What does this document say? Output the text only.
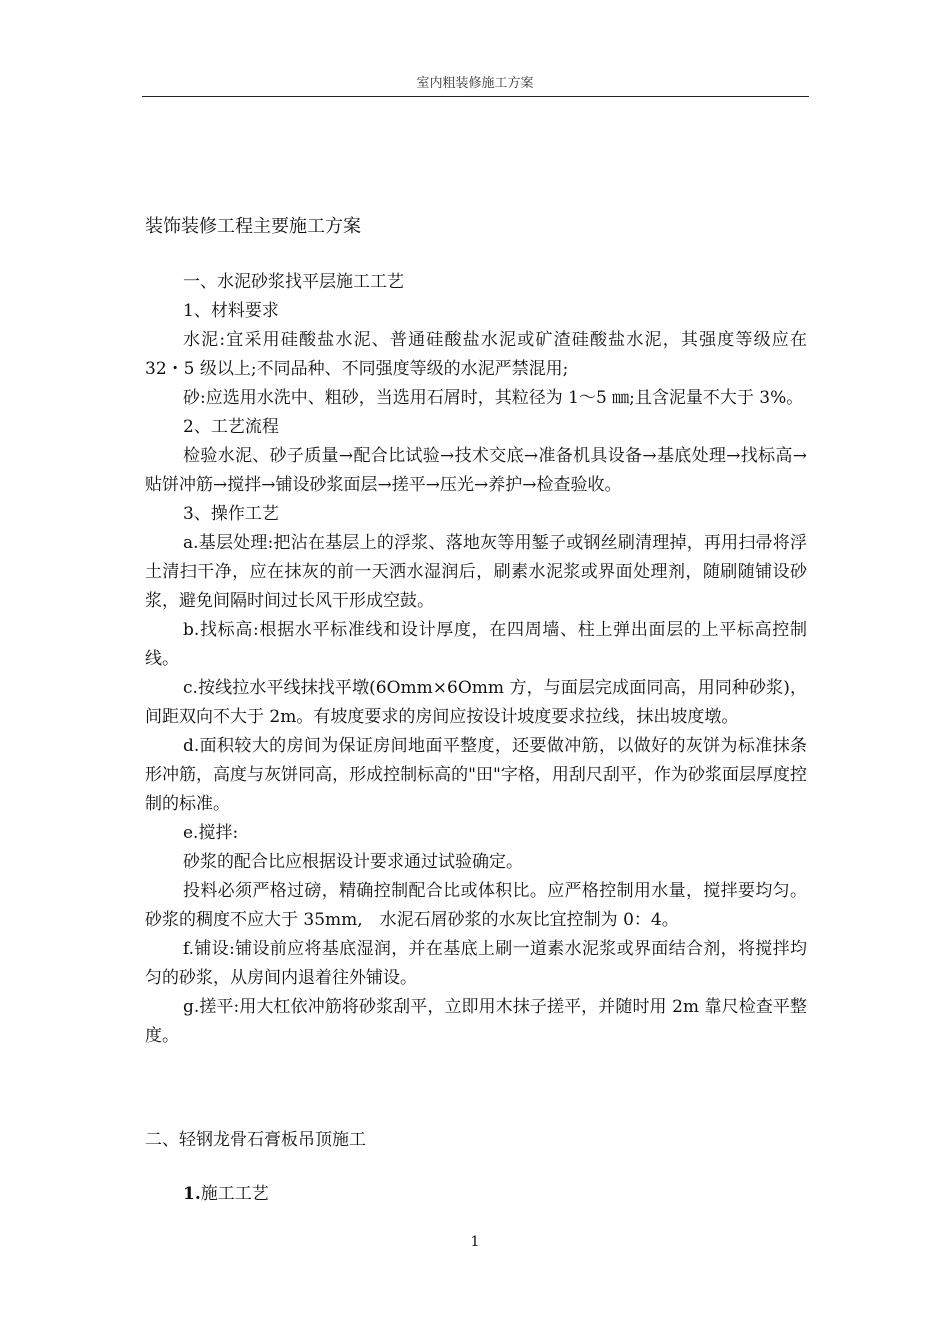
室内粗装修施工方案
装饰装修工程主要施工方案

一、水泥砂浆找平层施工工艺

1、材料要求

水泥:宜采用硅酸盐水泥、普通硅酸盐水泥或矿渣硅酸盐水泥，其强度等级应在 32・5 级以上;不同品种、不同强度等级的水泥严禁混用;

砂:应选用水洗中、粗砂，当选用石屑时，其粒径为 1～5 ㎜;且含泥量不大于 3%。

2、工艺流程

检验水泥、砂子质量→配合比试验→技术交底→准备机具设备→基底处理→找标高→贴饼冲筋→搅拌→铺设砂浆面层→搓平→压光→养护→检查验收。

3、操作工艺

a.基层处理:把沾在基层上的浮浆、落地灰等用錾子或钢丝刷清理掉，再用扫帚将浮土清扫干净，应在抹灰的前一天洒水湿润后，刷素水泥浆或界面处理剂，随刷随铺设砂浆，避免间隔时间过长风干形成空鼓。

b.找标高:根据水平标准线和设计厚度，在四周墙、柱上弹出面层的上平标高控制线。

c.按线拉水平线抹找平墩(6Omm×6Omm 方，与面层完成面同高，用同种砂浆)，间距双向不大于 2m。有坡度要求的房间应按设计坡度要求拉线，抹出坡度墩。

d.面积较大的房间为保证房间地面平整度，还要做冲筋，以做好的灰饼为标准抹条形冲筋，高度与灰饼同高，形成控制标高的"田"字格，用刮尺刮平，作为砂浆面层厚度控制的标准。

e.搅拌:

砂浆的配合比应根据设计要求通过试验确定。

投料必须严格过磅，精确控制配合比或体积比。应严格控制用水量，搅拌要均匀。砂浆的稠度不应大于 35mm,　水泥石屑砂浆的水灰比宜控制为 0：4。

f.铺设:铺设前应将基底湿润，并在基底上刷一道素水泥浆或界面结合剂，将搅拌均匀的砂浆，从房间内退着往外铺设。

g.搓平:用大杠依冲筋将砂浆刮平，立即用木抹子搓平，并随时用 2m 靠尺检查平整度。

二、轻钢龙骨石膏板吊顶施工
1.施工工艺
1
